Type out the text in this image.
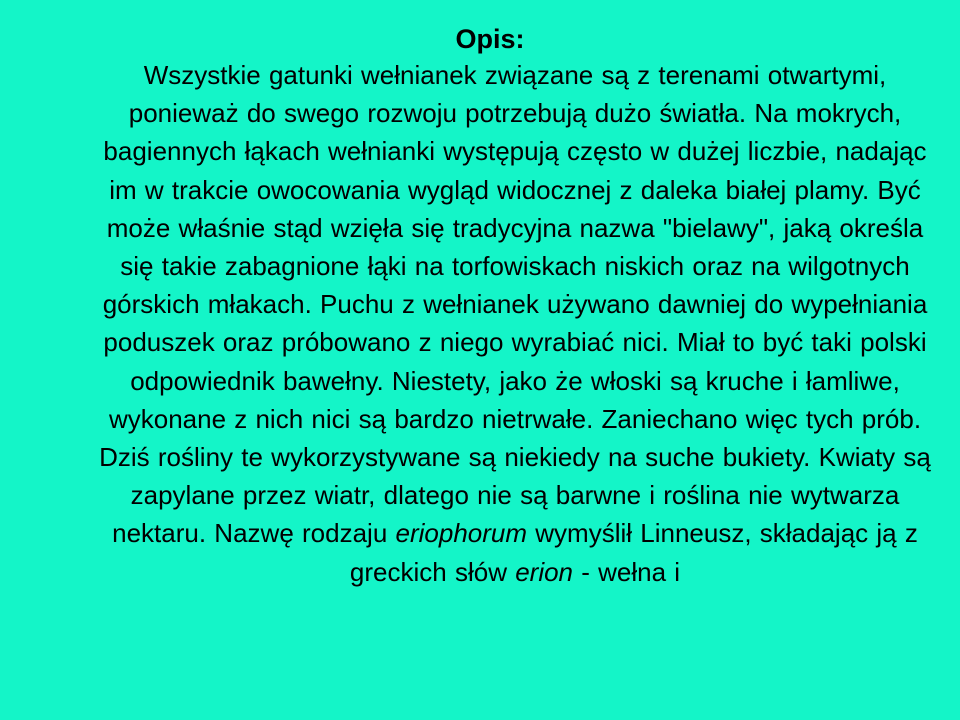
Opis:

Wszystkie gatunki wełnianek związane są z terenami otwartymi, ponieważ do swego rozwoju potrzebują dużo światła. Na mokrych, bagiennych łąkach wełnianki występują często w dużej liczbie, nadając im w trakcie owocowania wygląd widocznej z daleka białej plamy. Być może właśnie stąd wzięła się tradycyjna nazwa "bielawy", jaką określa się takie zabagnione łąki na torfowiskach niskich oraz na wilgotnych górskich młakach. Puchu z wełnianek używano dawniej do wypełniania poduszek oraz próbowano z niego wyrabiać nici. Miał to być taki polski odpowiednik bawełny. Niestety, jako że włoski są kruche i łamliwe, wykonane z nich nici są bardzo nietrwałe. Zaniechano więc tych prób. Dziś rośliny te wykorzystywane są niekiedy na suche bukiety. Kwiaty są zapylane przez wiatr, dlatego nie są barwne i roślina nie wytwarza nektaru. Nazwę rodzaju eriophorum wymyślił Linneusz, składając ją z greckich słów erion - wełna i
